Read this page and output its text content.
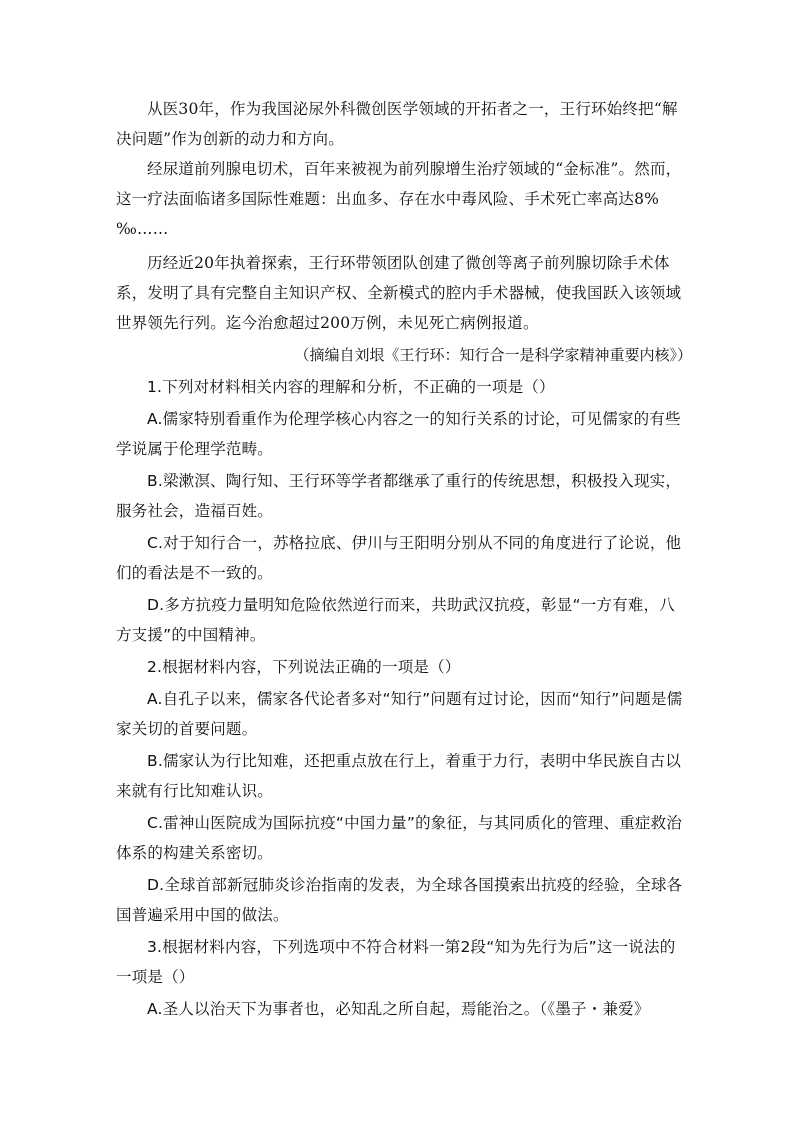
从医30年，作为我国泌尿外科微创医学领域的开拓者之一，王行环始终把“解决问题”作为创新的动力和方向。
经尿道前列腺电切术，百年来被视为前列腺增生治疗领域的“金标准”。然而，这一疗法面临诸多国际性难题：出血多、存在水中毒风险、手术死亡率高达8%‰……
历经近20年执着探索，王行环带领团队创建了微创等离子前列腺切除手术体系，发明了具有完整自主知识产权、全新模式的腔内手术器械，使我国跃入该领域世界领先行列。迄今治愈超过200万例，未见死亡病例报道。
（摘编自刘垠《王行环：知行合一是科学家精神重要内核》）
1.下列对材料相关内容的理解和分析，不正确的一项是（）
A.儒家特别看重作为伦理学核心内容之一的知行关系的讨论，可见儒家的有些学说属于伦理学范畴。
B.梁漱溟、陶行知、王行环等学者都继承了重行的传统思想，积极投入现实，服务社会，造福百姓。
C.对于知行合一，苏格拉底、伊川与王阳明分别从不同的角度进行了论说，他们的看法是不一致的。
D.多方抗疫力量明知危险依然逆行而来，共助武汉抗疫，彰显“一方有难，八方支援”的中国精神。
2.根据材料内容，下列说法正确的一项是（）
A.自孔子以来，儒家各代论者多对“知行”问题有过讨论，因而“知行”问题是儒家关切的首要问题。
B.儒家认为行比知难，还把重点放在行上，着重于力行，表明中华民族自古以来就有行比知难认识。
C.雷神山医院成为国际抗疫“中国力量”的象征，与其同质化的管理、重症救治体系的构建关系密切。
D.全球首部新冠肺炎诊治指南的发表，为全球各国摸索出抗疫的经验，全球各国普遍采用中国的做法。
3.根据材料内容，下列选项中不符合材料一第2段“知为先行为后”这一说法的一项是（）
A.圣人以治天下为事者也，必知乱之所自起，焉能治之。（《墨子・兼爱》
